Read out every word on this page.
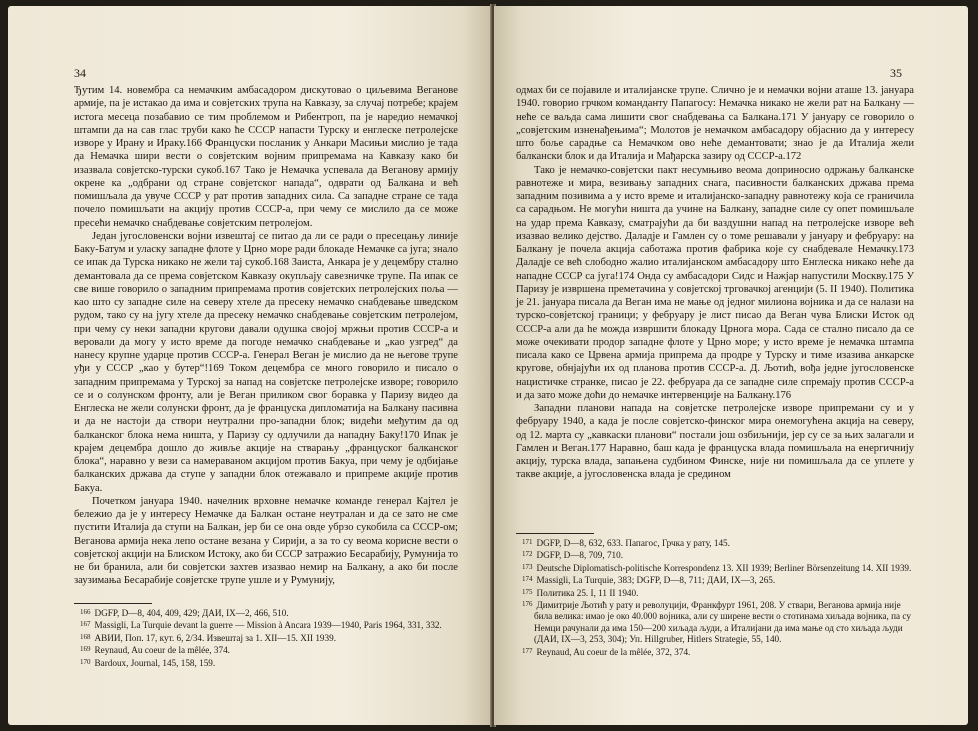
34

Ђутим 14. новембра са немачким амбасадором дискутовао о циљевима Вегановe армије, па је истакао да има и совјетских трупа на Кавказу, за случај потребе; крајем истога месеца позабавио се тим проблемом и Рибентроп, па је наредио немачкој штампи да на сав глас труби како ће СССР напасти Турску и енглеске петролејске изворе у Ирану и Ираку.166 Француски посланик у Анкари Масињи мислио је тада да Немачка шири вести о совјетским војним припремама на Кавказу како би изазвала совјетско-турски сукоб.167 Тако је Немачка успевала да Вегановy армију окрене ка „одбрани од стране совјетског напада“, одврати од Балкана и већ помишљала да увуче СССР у рат против западних сила. Са западне стране се тада почело помишљати на акцију против СССР-а, при чему се мислило да се може пресећи немачко снабдевање совјетским петролејом.

Један југословенски војни извештај се питао да ли се ради о пресецању линије Баку-Батум и уласку западне флоте у Црно море ради блокаде Немачке са југа; знало се ипак да Турска никако не жели тај сукоб.168 Заиста, Анкара је у децембру стално демантовала да се према совјетском Кавказу окупљају савезничке трупе. Па ипак се све више говорило о западним припремама против совјетских петролејских поља — као што су западне силе на северу хтеле да пресеку немачко снабдевање шведском рудом, тако су на југу хтеле да пресеку немачко снабдевање совјетским петролејом, при чему су неки западни кругови давали одушка својој мржњи против СССР-а и веровали да могу у исто време да погоде немачко снабдевање и „као узгред“ да нанесу крупне ударце против СССР-а. Генерал Веган је мислио да не његове трупе уђи у СССР „као у бутер“!169 Током децембра се много говорило и писало о западним припремама у Турској за напад на совјетске петролејске изворе; говорило се и о солунском фронту, али је Веган приликом свог боравка у Паризу видео да Енглеска не жели солунски фронт, да је француска дипломатија на Балкану пасивна и да не настоји да створи неутрални про-западни блок; видећи међутим да од балканског блока нема ништа, у Паризу су одлучили да нападну Баку!170 Ипак је крајем децембра дошло до живље акције на стварању „француског балканског блока“, наравно у вези са намераваном акцијом против Бакуа, при чему је одбијање балканских држава да ступе у западни блок отежавало и припреме акције против Бакуа.

Почетком јануара 1940. начелник врховне немачке команде генерал Кајтел је бележио да је у интересу Немачке да Балкан остане неутралан и да се зато не сме пустити Италија да ступи на Балкан, јер би се она овде убрзо сукобила са СССР-ом; Веганова армија нека лепо остане везана у Сирији, а за то су веома корисне вести о совјетској акцији на Блиском Истоку, ако би СССР затражио Бесарабију, Румунија то не би бранила, али би совјетски захтев изазвао немир на Балкану, а ако би после заузимања Бесарабије совјетске трупе ушле и у Румунију,

$^{166}$ DGFP, D—8, 404, 409, 429; ДАИ, IX—2, 466, 510.

$^{167}$ Massigli, La Turquie devant la guerre — Mission à Ancara 1939—1940, Paris 1964, 331, 332.

$^{168}$ АВИИ, Поп. 17, кут. 6, 2/34. Извештај за 1. XII—15. XII 1939.

$^{169}$ Reynaud, Au coeur de la mêlée, 374.

$^{170}$ Bardoux, Journal, 145, 158, 159.

35

одмах би се појавиле и италијанске трупе. Слично је и немачки војни аташе 13. јануара 1940. говорио грчком команданту Папагосу: Немачка никако не жели рат на Балкану — неће се ваљда сама лишити свог снабдевања са Балкана.171 У јануару се говорило о „совјетским изненађењима“; Молотов је немачком амбасадору објаснио да у интересу што боље сарадње са Немачком ово неће демантовати; знао је да Италија жели балкански блок и да Италија и Мађарска зазиру од СССР-а.172

Тако је немачко-совјетски пакт несумњиво веома допринoсио одржању балканске равнотеже и мира, везивању западних снага, пасивности балканских држава према западним позивима а у исто време и италијанско-западну равнотежу која се граничила са сарадњом. Не могући ништа да учине на Балкану, западне силе су опет помишљале на удар према Кавказу, сматрајући да би ваздушни напад на петролејске изворе већ изазвао велико дејство. Даладје и Гамлен су о томе решавали у јануару и фебруару: на Балкану је почела акција саботажа против фабрика које су снабдевале Немачку.173 Даладје се већ слободно жалио италијанском амбасадору што Енглеска никако неће да нападне СССР са југа!174 Онда су амбасадори Сидс и Нажјар напустили Москву.175 У Паризу је извршена преметачина у совјетској трговачкој агенцији (5. II 1940). Политика је 21. јануара писала да Веган има не мање од једног милиона војника и да се налази на турско-совјетској граници; у фебруару је лист писао да Веган чува Блиски Исток од СССР-а али да he можда извршити блокаду Црнога мора. Сада се стално писало да се може очекивати продор западне флоте у Црно море; у исто време је немачка штампа писала како се Црвена армија припрема да продре у Турску и тиме изазива анкарске кругове, обнјајући их од планова против СССР-а. Д. Љотић, вођа једне југословенске нацистичке странке, писао је 22. фебруара да се западне силе спремају против СССР-а и да зато може доћи до немачке интервенције на Балкану.176

Западни планови напада на совјетске петролејске изворе припремани су и у фебруару 1940, а када је после совјетско-финског мира онемогућена акција на северу, од 12. марта су „кавкаски планови“ постали још озбиљнији, јер су се за њих залагали и Гамлен и Веган.177 Наравно, баш када је француска влада помишљала на енергичнију акцију, турска влада, запањена судбином Финске, није ни помишљала да се уплете у такве акције, а југословенска влада је средином

$^{171}$ DGFP, D—8, 632, 633. Папагос, Грчка у рату, 145.

$^{172}$ DGFP, D—8, 709, 710.

$^{173}$ Deutsche Diplomatisch-politische Korrespondenz 13. XII 1939; Berliner Börsenzeitung 14. XII 1939.

$^{174}$ Massigli, La Turquie, 383; DGFP, D—8, 711; ДАИ, IX—3, 265.

$^{175}$ Политика 25. I, 11 II 1940.

$^{176}$ Димитрије Љотић у рату и револуцији, Франкфурт 1961, 208. У ствари, Веганова армија није била велика: имао је око 40.000 војника, али су ширене вести о стотинама хиљада војника, па су Немци рачунали да има 150—200 хиљада људи, а Италијани да има мање од сто хиљада људи (ДАИ, IX—3, 253, 304); Уп. Hillgruber, Hitlers Strategie, 55, 140.

$^{177}$ Reynaud, Au coeur de la mêlée, 372, 374.
